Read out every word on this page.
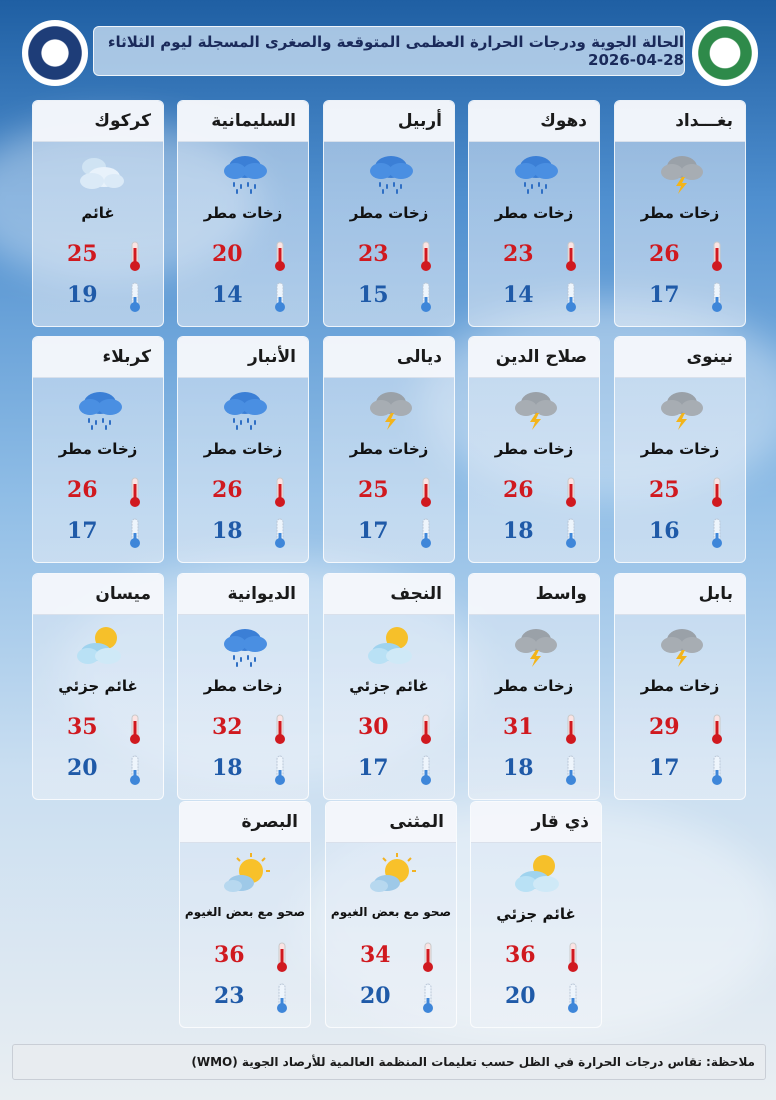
الحالة الجوية ودرجات الحرارة العظمى المتوقعة والصغرى المسجلة ليوم الثلاثاء 28-04-2026
بغـــداد
زخات مطر
26
17
دهوك
زخات مطر
23
14
أربيل
زخات مطر
23
15
السليمانية
زخات مطر
20
14
كركوك
غائم
25
19
نينوى
زخات مطر
25
16
صلاح الدين
زخات مطر
26
18
ديالى
زخات مطر
25
17
الأنبار
زخات مطر
26
18
كربلاء
زخات مطر
26
17
بابل
زخات مطر
29
17
واسط
زخات مطر
31
18
النجف
غائم جزئي
30
17
الديوانية
زخات مطر
32
18
ميسان
غائم جزئي
35
20
ذي قار
غائم جزئي
36
20
المثنى
صحو مع بعض الغيوم
34
20
البصرة
صحو مع بعض الغيوم
36
23
ملاحظة: تقاس درجات الحرارة في الظل حسب تعليمات المنظمة العالمية للأرصاد الجوية (WMO)
